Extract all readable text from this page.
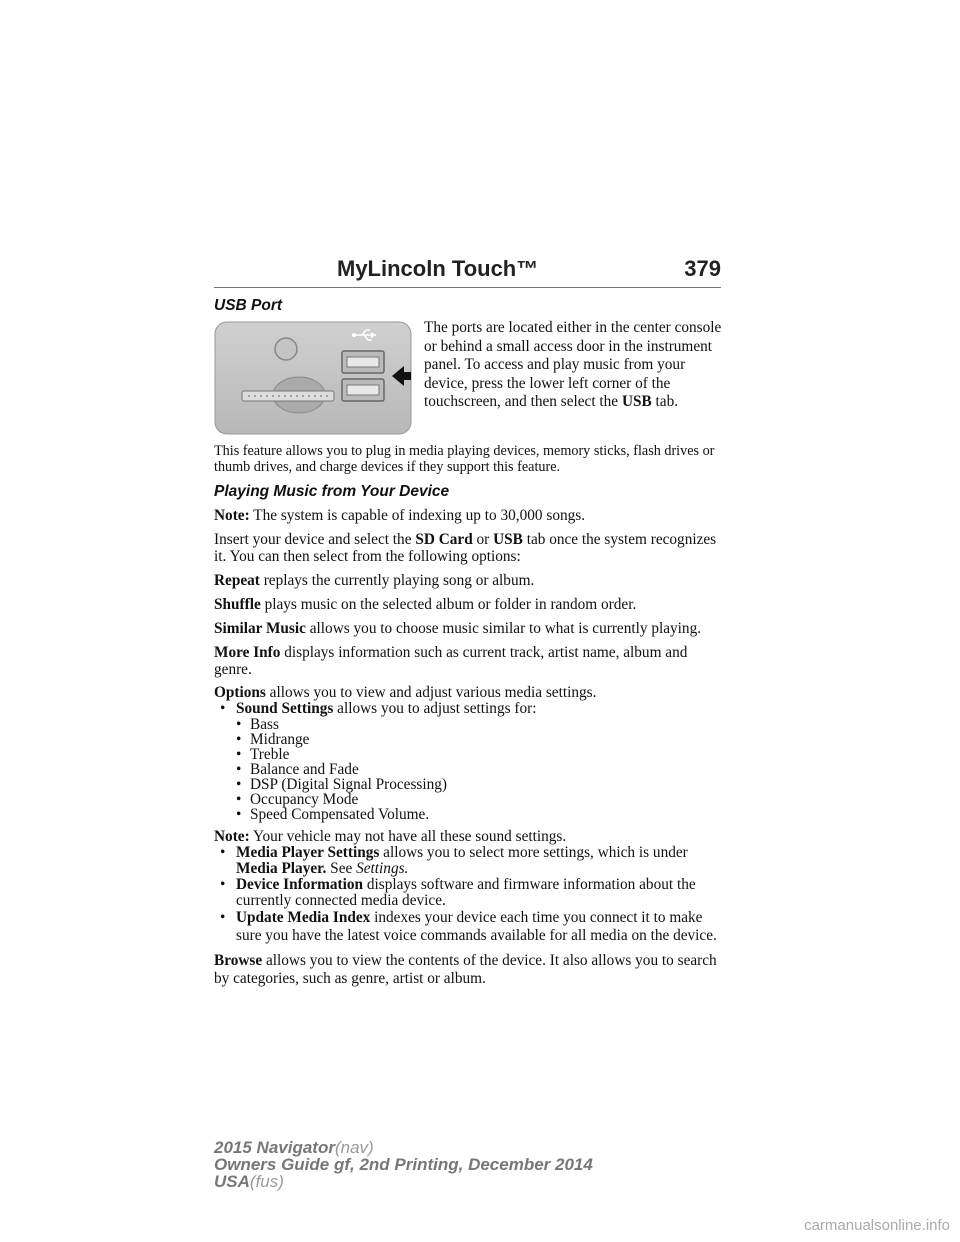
MyLincoln Touch™	379
USB Port
The ports are located either in the center console or behind a small access door in the instrument panel. To access and play music from your device, press the lower left corner of the touchscreen, and then select the USB tab.

This feature allows you to plug in media playing devices, memory sticks, flash drives or thumb drives, and charge devices if they support this feature.

Playing Music from Your Device

Note: The system is capable of indexing up to 30,000 songs.

Insert your device and select the SD Card or USB tab once the system recognizes it. You can then select from the following options:

Repeat replays the currently playing song or album.

Shuffle plays music on the selected album or folder in random order.

Similar Music allows you to choose music similar to what is currently playing.

More Info displays information such as current track, artist name, album and genre.

Options allows you to view and adjust various media settings.
• Sound Settings allows you to adjust settings for:
• Bass
• Midrange
• Treble
• Balance and Fade
• DSP (Digital Signal Processing)
• Occupancy Mode
• Speed Compensated Volume.
Note: Your vehicle may not have all these sound settings.
• Media Player Settings allows you to select more settings, which is under Media Player. See Settings.
• Device Information displays software and firmware information about the currently connected media device.
• Update Media Index indexes your device each time you connect it to make sure you have the latest voice commands available for all media on the device.

Browse allows you to view the contents of the device. It also allows you to search by categories, such as genre, artist or album.

2015 Navigator(nav)
Owners Guide gf, 2nd Printing, December 2014
USA(fus)
carmanualsonline.info
